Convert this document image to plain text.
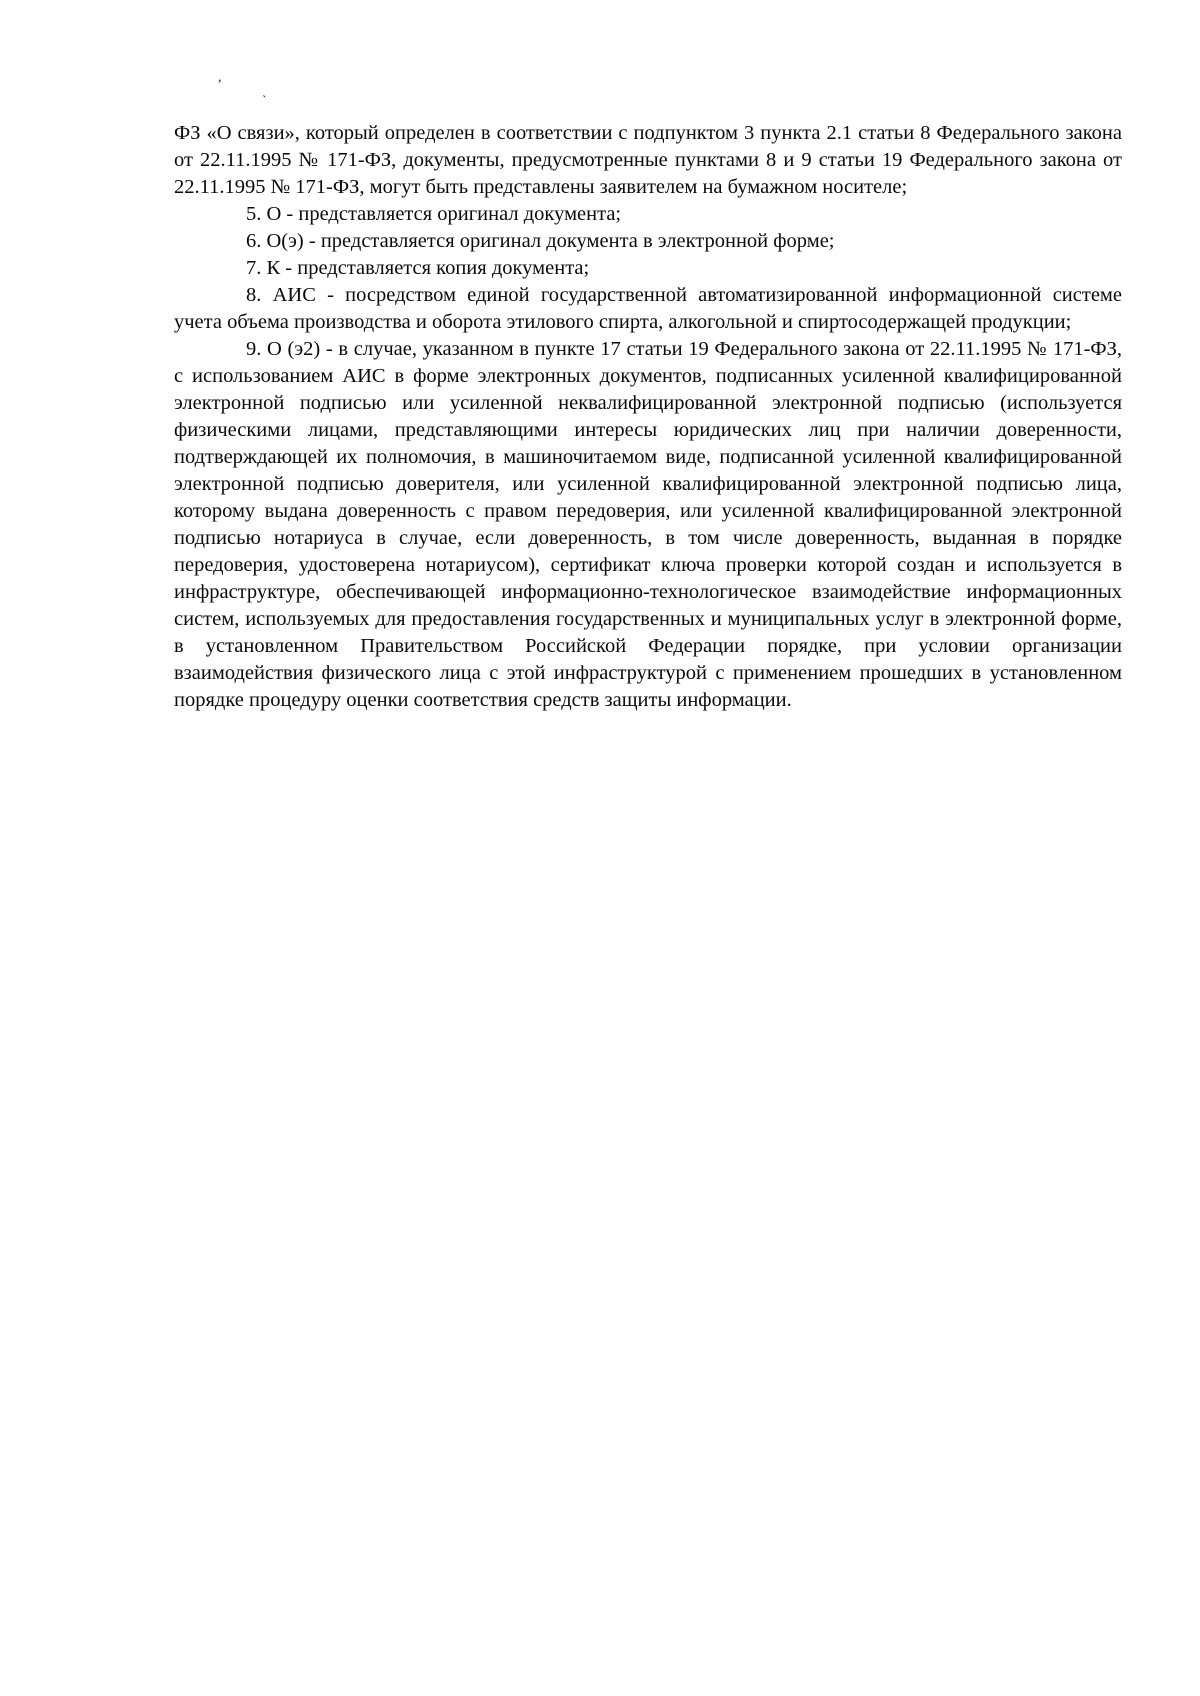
,
`

ФЗ «О связи», который определен в соответствии с подпунктом 3 пункта 2.1 статьи 8 Федерального закона от 22.11.1995 № 171-ФЗ, документы, предусмотренные пунктами 8 и 9 статьи 19 Федерального закона от 22.11.1995 № 171-ФЗ, могут быть представлены заявителем на бумажном носителе;

5. О - представляется оригинал документа;

6. О(э) - представляется оригинал документа в электронной форме;

7. К - представляется копия документа;

8. АИС - посредством единой государственной автоматизированной информационной системе учета объема производства и оборота этилового спирта, алкогольной и спиртосодержащей продукции;

9. О (э2) - в случае, указанном в пункте 17 статьи 19 Федерального закона от 22.11.1995 № 171-ФЗ, с использованием АИС в форме электронных документов, подписанных усиленной квалифицированной электронной подписью или усиленной неквалифицированной электронной подписью (используется физическими лицами, представляющими интересы юридических лиц при наличии доверенности, подтверждающей их полномочия, в машиночитаемом виде, подписанной усиленной квалифицированной электронной подписью доверителя, или усиленной квалифицированной электронной подписью лица, которому выдана доверенность с правом передоверия, или усиленной квалифицированной электронной подписью нотариуса в случае, если доверенность, в том числе доверенность, выданная в порядке передоверия, удостоверена нотариусом), сертификат ключа проверки которой создан и используется в инфраструктуре, обеспечивающей информационно-технологическое взаимодействие информационных систем, используемых для предоставления государственных и муниципальных услуг в электронной форме, в установленном Правительством Российской Федерации порядке, при условии организации взаимодействия физического лица с этой инфраструктурой с применением прошедших в установленном порядке процедуру оценки соответствия средств защиты информации.
